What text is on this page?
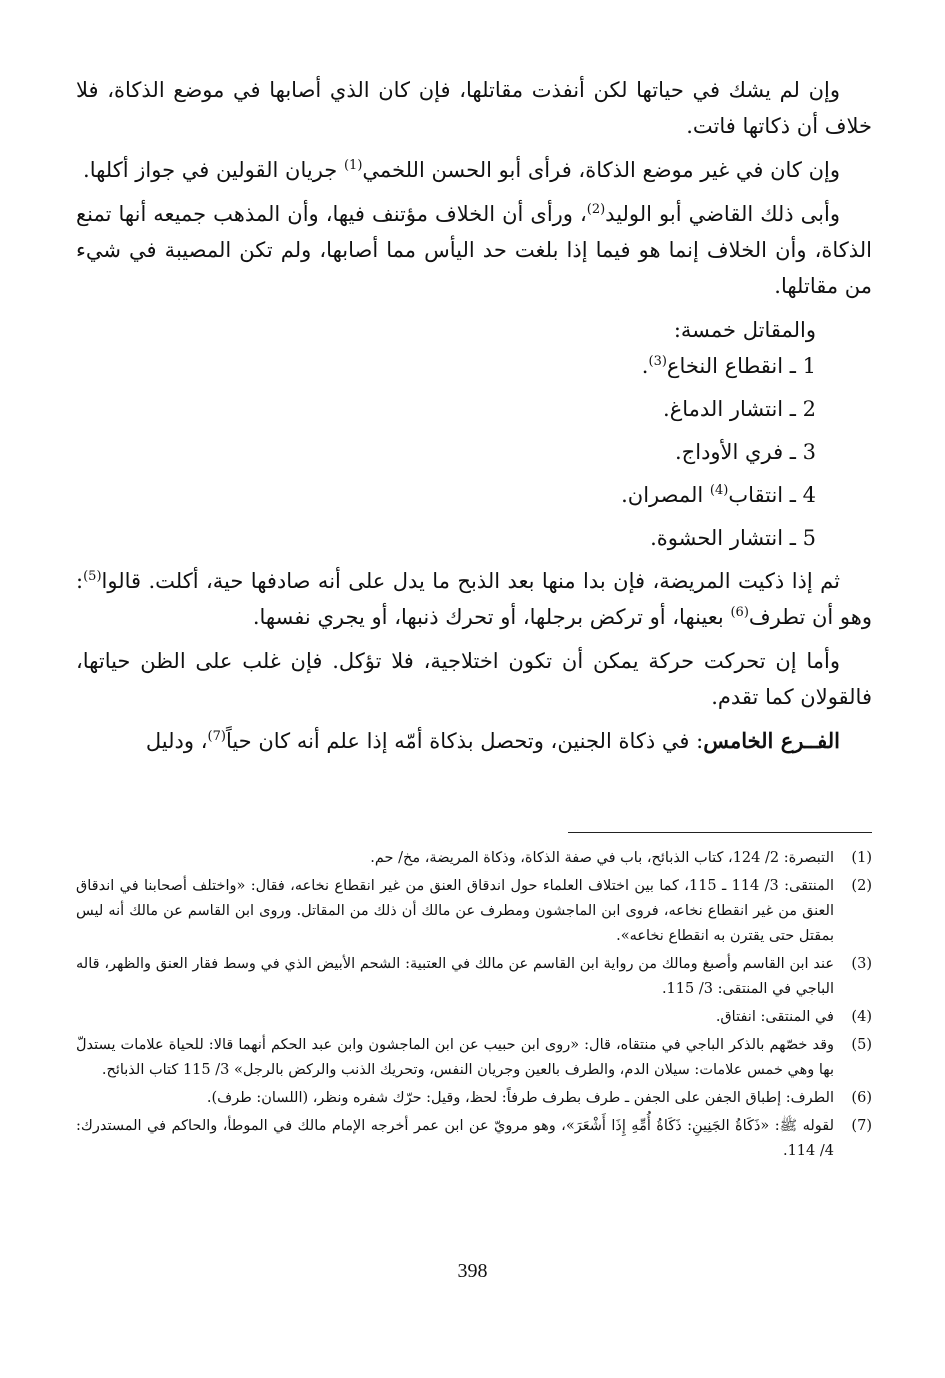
وإن لم يشك في حياتها لكن أنفذت مقاتلها، فإن كان الذي أصابها في موضع الذكاة، فلا خلاف أن ذكاتها فاتت.

وإن كان في غير موضع الذكاة، فرأى أبو الحسن اللخمي$^{(1)}$ جريان القولين في جواز أكلها.

وأبى ذلك القاضي أبو الوليد$^{(2)}$، ورأى أن الخلاف مؤتنف فيها، وأن المذهب جميعه أنها تمنع الذكاة، وأن الخلاف إنما هو فيما إذا بلغت حد اليأس مما أصابها، ولم تكن المصيبة في شيء من مقاتلها.

والمقاتل خمسة:

1 ـ انقطاع النخاع$^{(3)}$.
2 ـ انتشار الدماغ.
3 ـ فري الأوداج.
4 ـ انتقاب$^{(4)}$ المصران.
5 ـ انتشار الحشوة.

ثم إذا ذكيت المريضة، فإن بدا منها بعد الذبح ما يدل على أنه صادفها حية، أكلت. قالوا$^{(5)}$: وهو أن تطرف$^{(6)}$ بعينها، أو تركض برجلها، أو تحرك ذنبها، أو يجري نفسها.

وأما إن تحركت حركة يمكن أن تكون اختلاجية، فلا تؤكل. فإن غلب على الظن حياتها، فالقولان كما تقدم.

الفــرع الخامس: في ذكاة الجنين، وتحصل بذكاة أمّه إذا علم أنه كان حياً$^{(7)}$، ودليل

(1)
التبصرة: 2/ 124، كتاب الذبائح، باب في صفة الذكاة، وذكاة المريضة، مخ/ حم.
(2)
المنتقى: 3/ 114 ـ 115، كما بين اختلاف العلماء حول اندقاق العنق من غير انقطاع نخاعه، فقال: «واختلف أصحابنا في اندقاق العنق من غير انقطاع نخاعه، فروى ابن الماجشون ومطرف عن مالك أن ذلك من المقاتل. وروى ابن القاسم عن مالك أنه ليس بمقتل حتى يقترن به انقطاع نخاعه».
(3)
عند ابن القاسم وأصبغ ومالك من رواية ابن القاسم عن مالك في العتبية: الشحم الأبيض الذي في وسط فقار العنق والظهر، قاله الباجي في المنتقى: 3/ 115.
(4)
في المنتقى: انفتاق.
(5)
وقد خصّهم بالذكر الباجي في منتقاه، قال: «روى ابن حبيب عن ابن الماجشون وابن عبد الحكم أنهما قالا: للحياة علامات يستدلّ بها وهي خمس علامات: سيلان الدم، والطرف بالعين وجريان النفس، وتحريك الذنب والركض بالرجل» 3/ 115 كتاب الذبائح.
(6)
الطرف: إطباق الجفن على الجفن ـ طرف بطرف طرفاً: لحظ، وقيل: حرّك شفره ونظر، (اللسان: طرف).
(7)
لقوله ﷺ: «ذَكَاةُ الجَنِينِ: ذَكَاةُ أُمِّهِ إِذَا أَشْعَرَ»، وهو مرويّ عن ابن عمر أخرجه الإمام مالك في الموطأ، والحاكم في المستدرك: 4/ 114.
398
